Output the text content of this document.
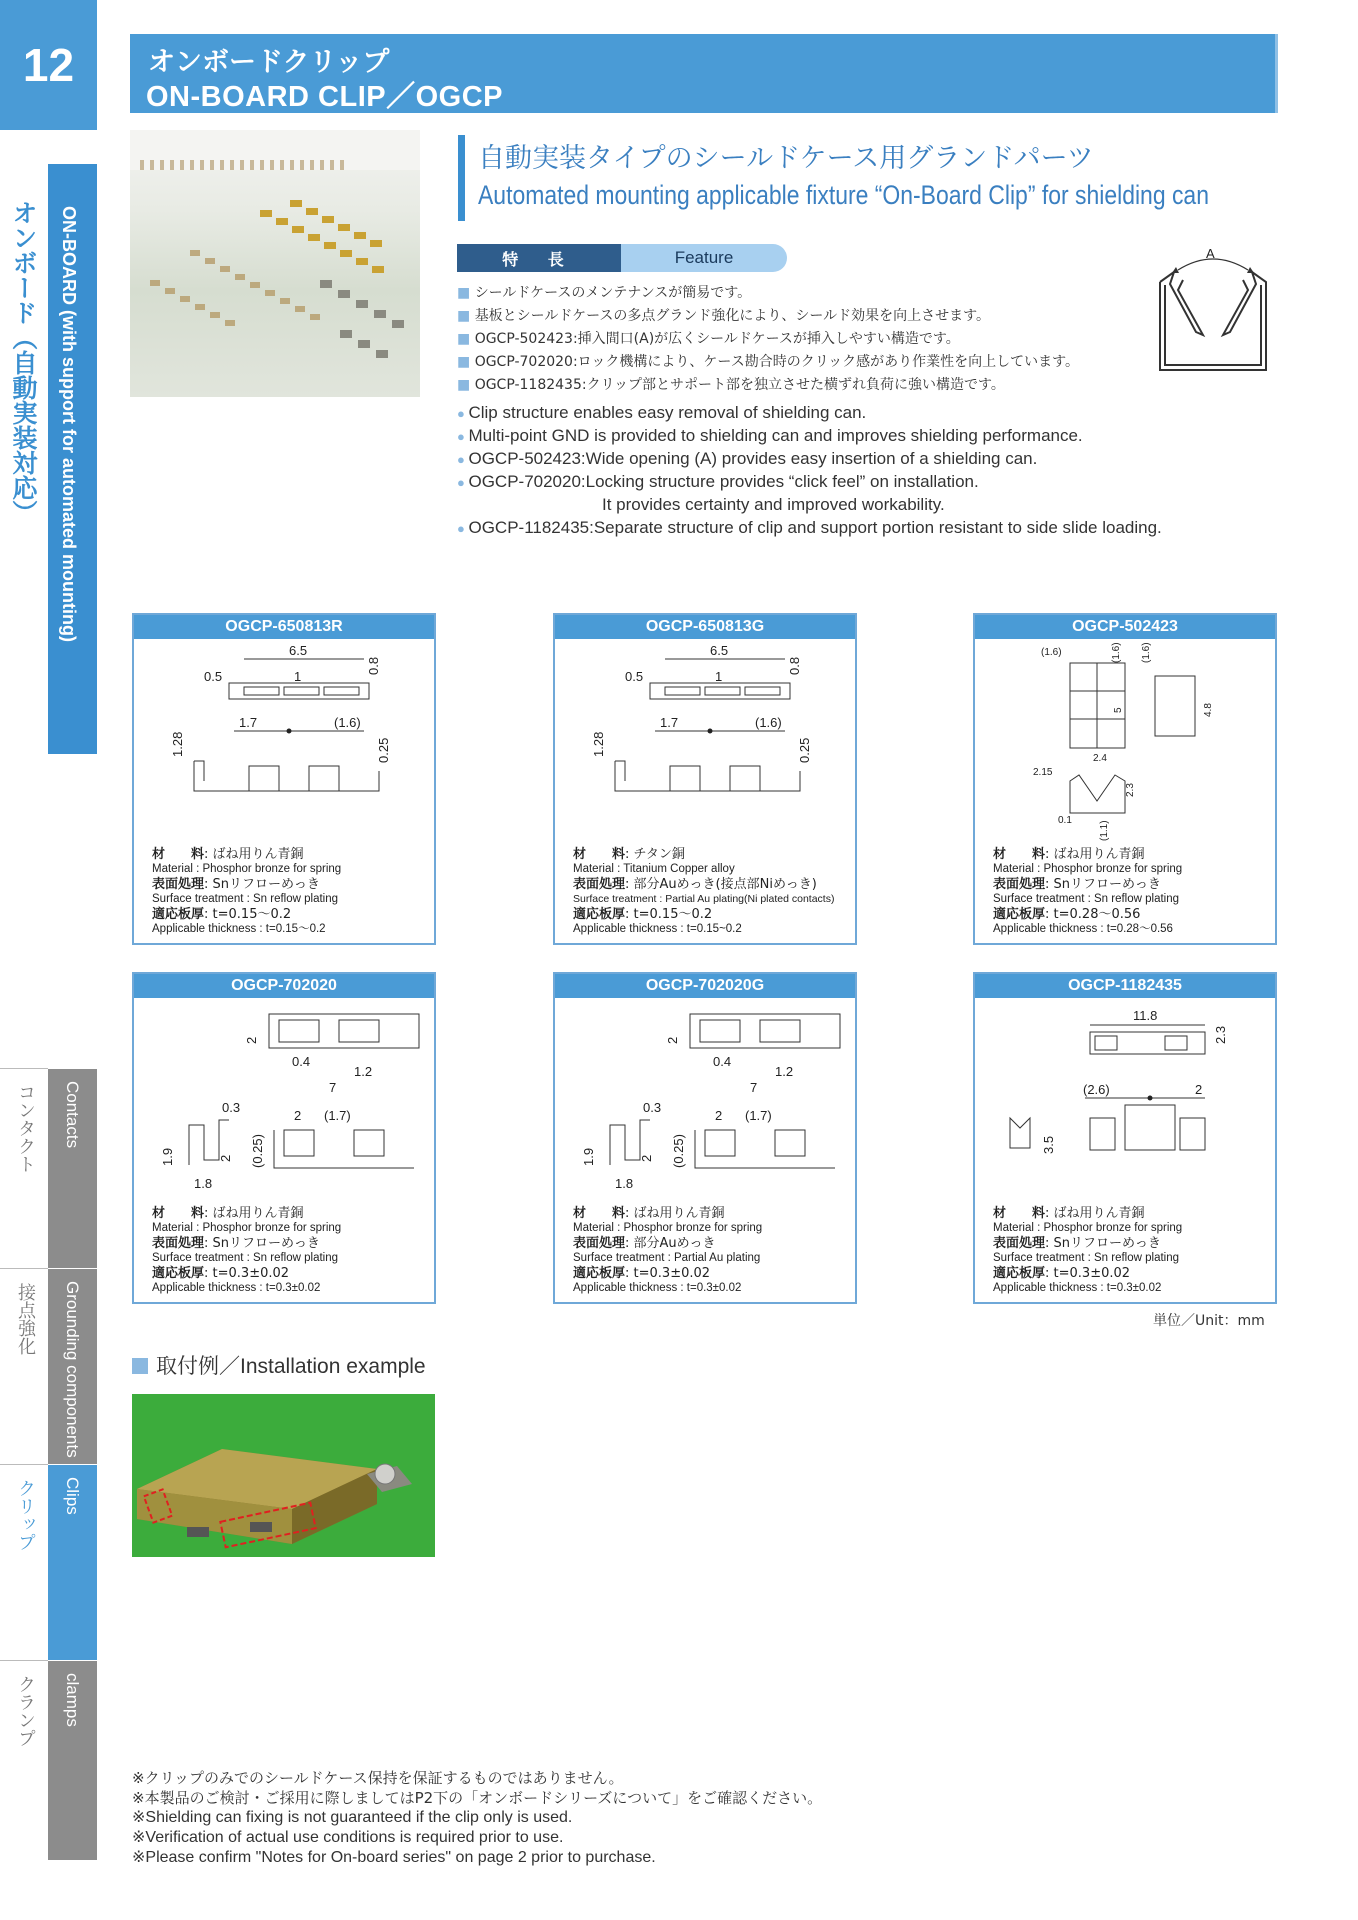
12
オンボード（自動実装対応） ON-BOARD (with support for automated mounting)
コンタクト Contacts
接点強化 Grounding components
クリップ Clips
クランプ clamps
オンボードクリップ
ON-BOARD CLIP／OGCP
自動実装タイプのシールドケース用グランドパーツ
Automated mounting applicable fixture “On-Board Clip” for shielding can
特 長	Feature
■ シールドケースのメンテナンスが簡易です。
■ 基板とシールドケースの多点グランド強化により、シールド効果を向上させます。
■ OGCP-502423:挿入間口(A)が広くシールドケースが挿入しやすい構造です。
■ OGCP-702020:ロック機構により、ケース勘合時のクリック感があり作業性を向上しています。
■ OGCP-1182435:クリップ部とサポート部を独立させた横ずれ負荷に強い構造です。
● Clip structure enables easy removal of shielding can.
● Multi-point GND is provided to shielding can and improves shielding performance.
● OGCP-502423:Wide opening (A) provides easy insertion of a shielding can.
● OGCP-702020:Locking structure provides “click feel” on installation.
It provides certainty and improved workability.
● OGCP-1182435:Separate structure of clip and support portion resistant to side slide loading.
A
OGCP-650813R
6.5
0.5	1
0.8
1.28
1.7	(1.6)
0.25
材　　料: ばね用りん青銅
Material : Phosphor bronze for spring
表面処理: Snリフローめっき
Surface treatment : Sn reflow plating
適応板厚: t=0.15～0.2
Applicable thickness : t=0.15～0.2
OGCP-650813G
6.5
0.5	1
0.8
1.28
1.7	(1.6)
0.25
材　　料: チタン銅
Material : Titanium Copper alloy
表面処理: 部分Auめっき(接点部Niめっき)
Surface treatment : Partial Au plating(Ni plated contacts)
適応板厚: t=0.15～0.2
Applicable thickness : t=0.15~0.2
OGCP-502423
(1.6)	(1.6) (1.6)
5	4.8
2.4
2.15
2.3
0.1	(1.1)
材　　料: ばね用りん青銅
Material : Phosphor bronze for spring
表面処理: Snリフローめっき
Surface treatment : Sn reflow plating
適応板厚: t=0.28～0.56
Applicable thickness : t=0.28～0.56
OGCP-702020
2
0.4
1.2
7
0.3
1.9	2
1.8
(0.25)
2 (1.7)
材　　料: ばね用りん青銅
Material : Phosphor bronze for spring
表面処理: Snリフローめっき
Surface treatment : Sn reflow plating
適応板厚: t=0.3±0.02
Applicable thickness : t=0.3±0.02
OGCP-702020G
2
0.4
1.2
7
0.3
1.9	2
1.8
(0.25)
2 (1.7)
材　　料: ばね用りん青銅
Material : Phosphor bronze for spring
表面処理: 部分Auめっき
Surface treatment : Partial Au plating
適応板厚: t=0.3±0.02
Applicable thickness : t=0.3±0.02
OGCP-1182435
11.8
2.3
(2.6)	2
3.5
材　　料: ばね用りん青銅
Material : Phosphor bronze for spring
表面処理: Snリフローめっき
Surface treatment : Sn reflow plating
適応板厚: t=0.3±0.02
Applicable thickness : t=0.3±0.02
単位／Unit：mm
取付例／Installation example
※クリップのみでのシールドケース保持を保証するものではありません。
※本製品のご検討・ご採用に際しましてはP2下の「オンボードシリーズについて」をご確認ください。
※Shielding can fixing is not guaranteed if the clip only is used.
※Verification of actual use conditions is required prior to use.
※Please confirm "Notes for On-board series" on page 2 prior to purchase.
